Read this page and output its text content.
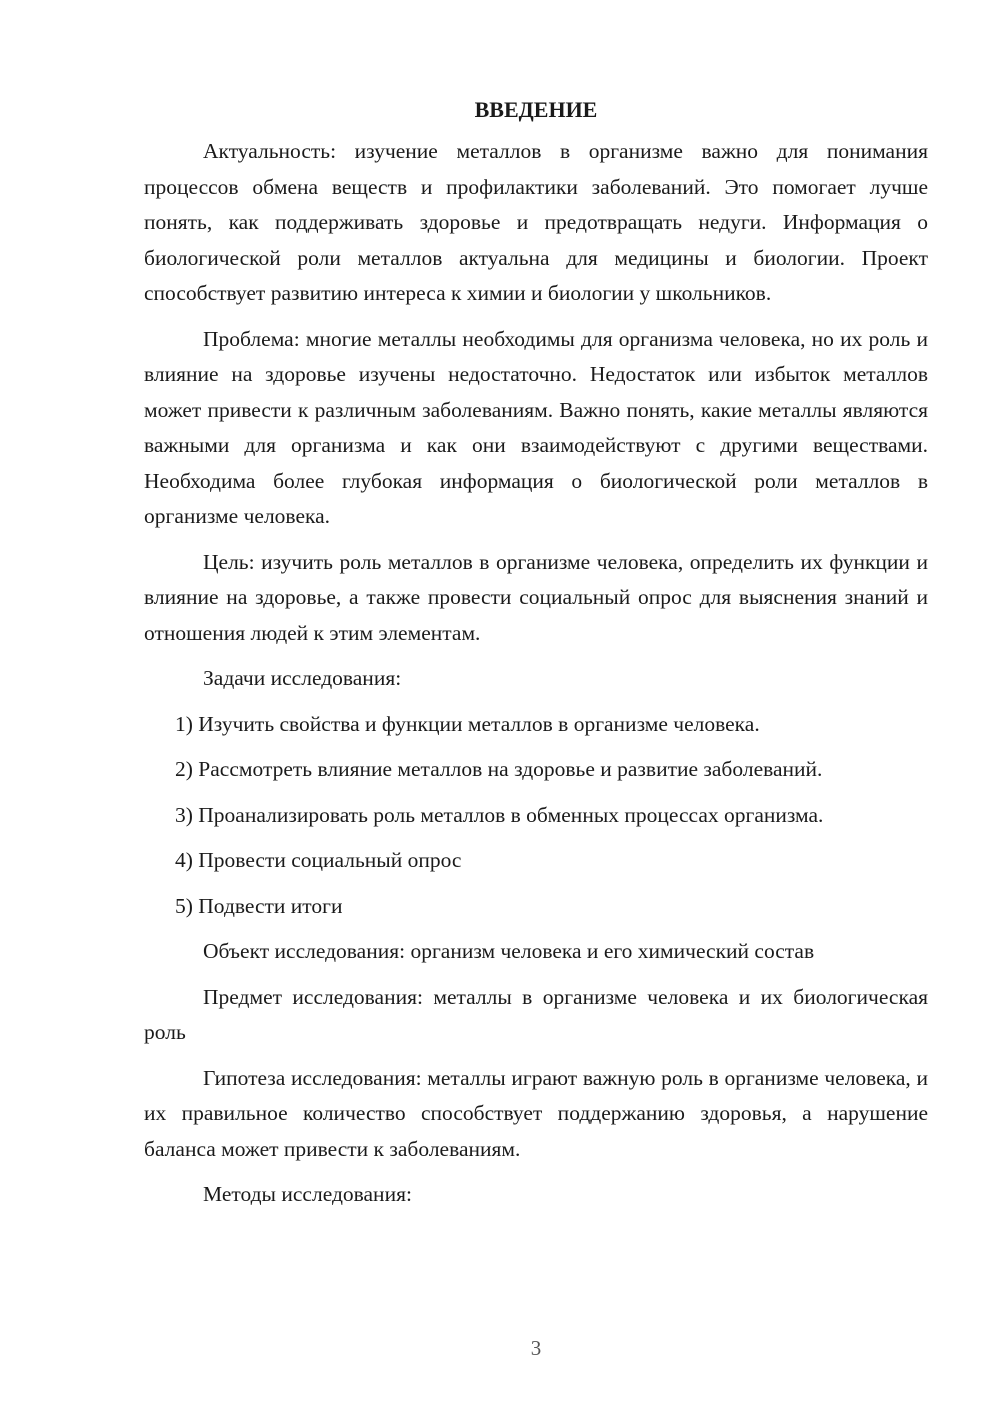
ВВЕДЕНИЕ

Актуальность: изучение металлов в организме важно для понимания процессов обмена веществ и профилактики заболеваний. Это помогает лучше понять, как поддерживать здоровье и предотвращать недуги. Информация о биологической роли металлов актуальна для медицины и биологии. Проект способствует развитию интереса к химии и биологии у школьников.

Проблема: многие металлы необходимы для организма человека, но их роль и влияние на здоровье изучены недостаточно. Недостаток или избыток металлов может привести к различным заболеваниям. Важно понять, какие металлы являются важными для организма и как они взаимодействуют с другими веществами. Необходима более глубокая информация о биологической роли металлов в организме человека.

Цель: изучить роль металлов в организме человека, определить их функции и влияние на здоровье, а также провести социальный опрос для выяснения знаний и отношения людей к этим элементам.

Задачи исследования:

1) Изучить свойства и функции металлов в организме человека.

2) Рассмотреть влияние металлов на здоровье и развитие заболеваний.

3) Проанализировать роль металлов в обменных процессах организма.

4) Провести социальный опрос

5) Подвести итоги

Объект исследования: организм человека и его химический состав

Предмет исследования: металлы в организме человека и их биологическая роль

Гипотеза исследования: металлы играют важную роль в организме человека, и их правильное количество способствует поддержанию здоровья, а нарушение баланса может привести к заболеваниям.

Методы исследования:

3
